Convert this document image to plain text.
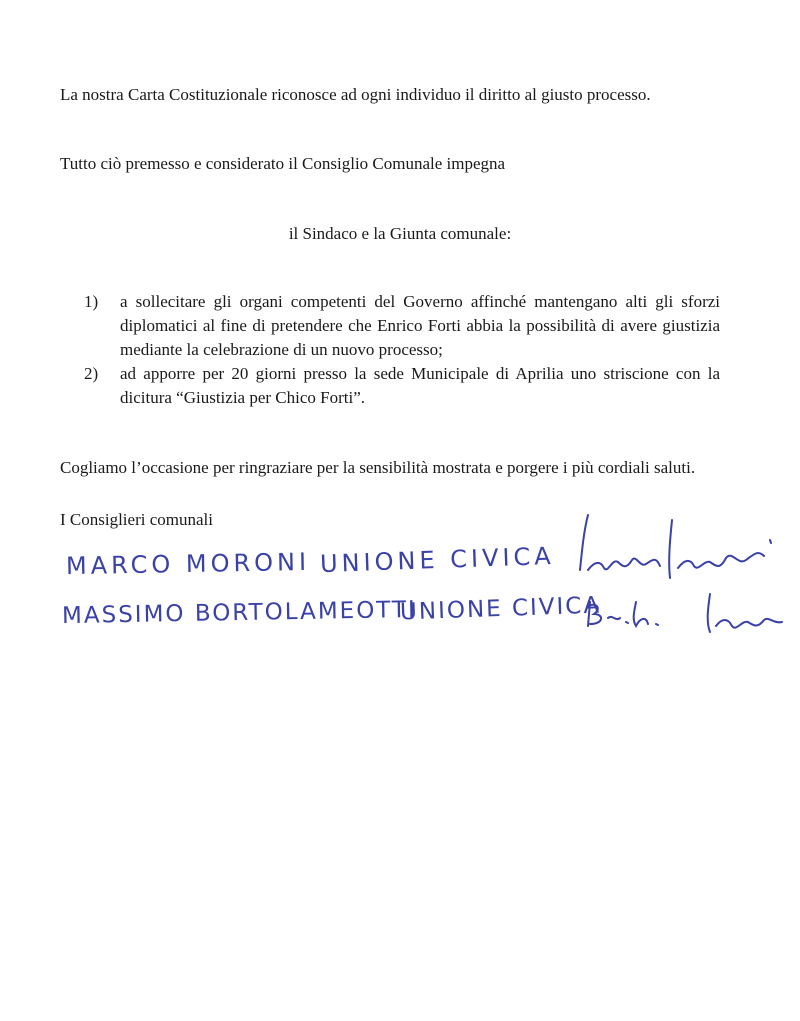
La nostra Carta Costituzionale riconosce ad ogni individuo il diritto al giusto processo.

Tutto ciò premesso e considerato il Consiglio Comunale impegna

il Sindaco e la Giunta comunale:

1) a sollecitare gli organi competenti del Governo affinché mantengano alti gli sforzi diplomatici al fine di pretendere che Enrico Forti abbia la possibilità di avere giustizia mediante la celebrazione di un nuovo processo;
2) ad apporre per 20 giorni presso la sede Municipale di Aprilia uno striscione con la dicitura “Giustizia per Chico Forti”.

Cogliamo l’occasione per ringraziare per la sensibilità mostrata e porgere i più cordiali saluti.

I Consiglieri comunali

MARCO MORONI UNIONE CIVICA
MASSIMO BORTOLAMEOTTI
UNIONE CIVICA
